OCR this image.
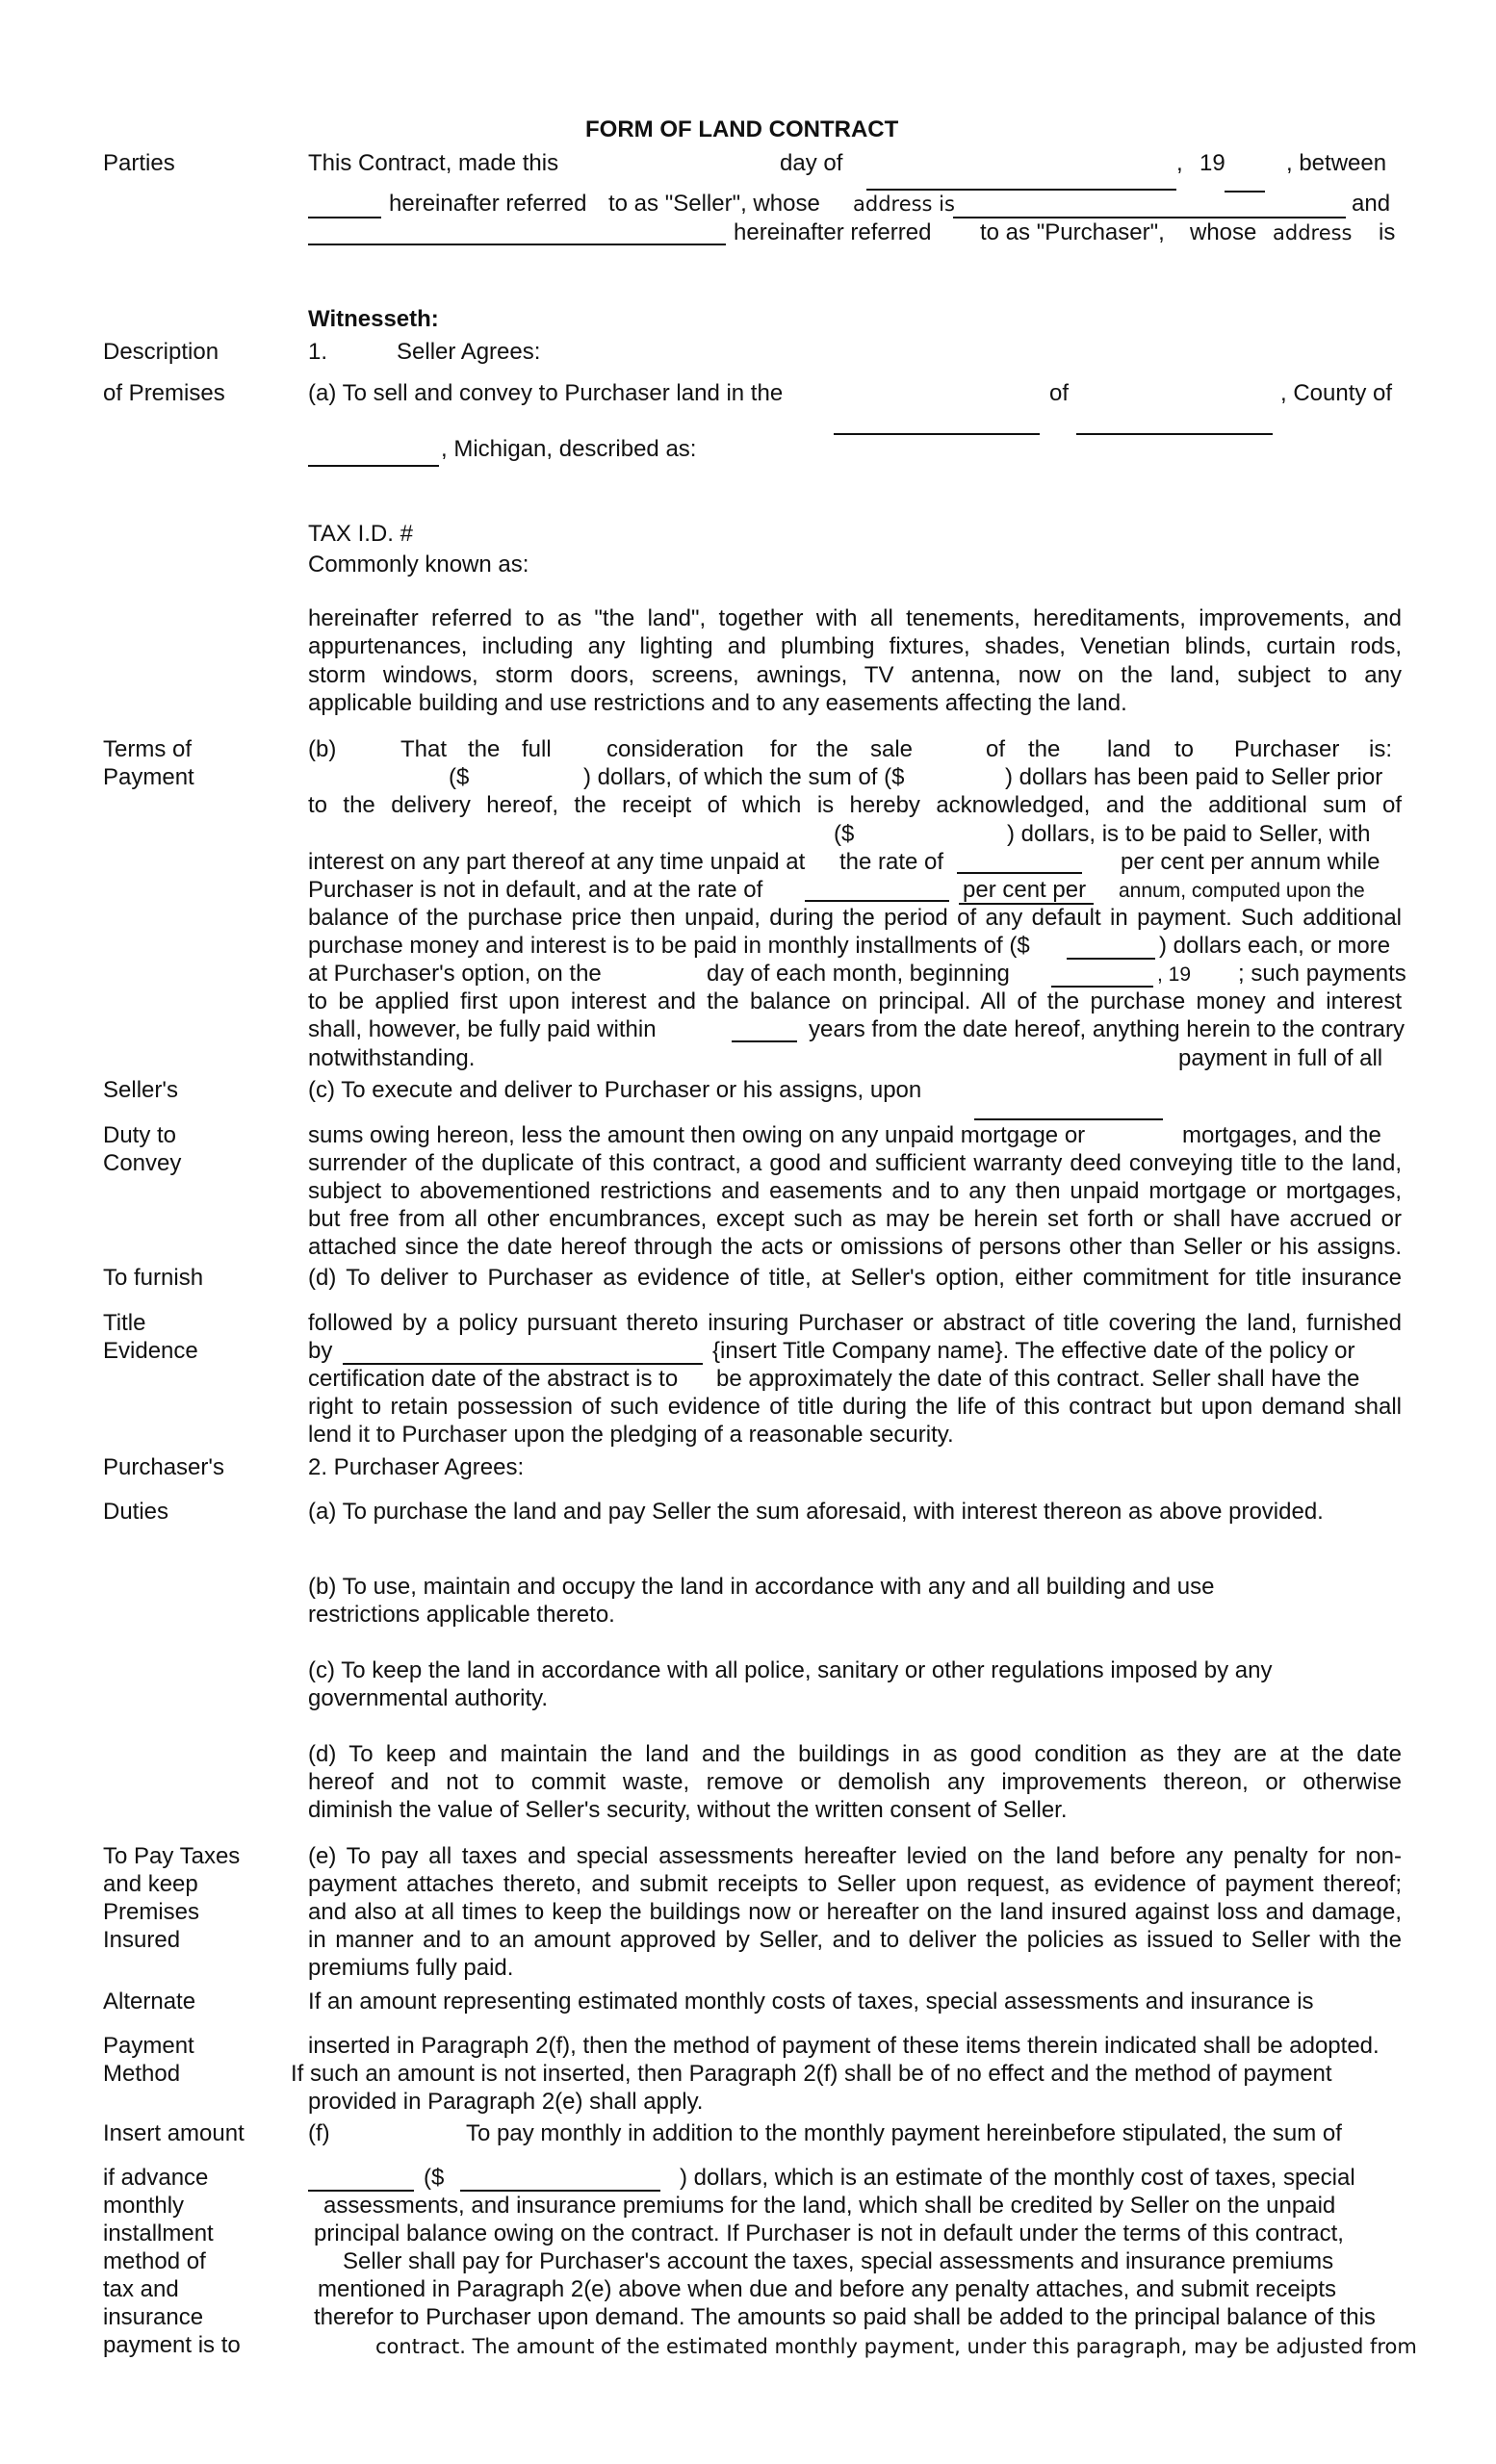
FORM OF LAND CONTRACT
Parties
Description
of Premises
Terms of
Payment
Seller's
Duty to
Convey
To furnish
Title
Evidence
Purchaser's
Duties
To Pay Taxes
and keep
Premises
Insured
Alternate
Payment
Method
Insert amount
if advance
monthly
installment
method of
tax and
insurance
payment is to
This Contract, made this	day of	, 19	, between
hereinafter referred to as "Seller", whose address is	and
hereinafter referred to as "Purchaser", whose address is
Witnesseth:
1.	Seller Agrees:
(a) To sell and convey to Purchaser land in the	of	, County of
, Michigan, described as:
TAX I.D. #
Commonly known as:
hereinafter referred to as "the land", together with all tenements, hereditaments, improvements, and
appurtenances, including any lighting and plumbing fixtures, shades, Venetian blinds, curtain rods,
storm windows, storm doors, screens, awnings, TV antenna, now on the land, subject to any
applicable building and use restrictions and to any easements affecting the land.
(b)	That the full consideration for the sale	of the land to Purchaser is:
($	) dollars, of which the sum of ($	) dollars has been paid to Seller prior
to the delivery hereof, the receipt of which is hereby acknowledged, and the additional sum of
($	) dollars, is to be paid to Seller, with
interest on any part thereof at any time unpaid at the rate of	per cent per annum while
Purchaser is not in default, and at the rate of	per cent per annum, computed upon the
balance of the purchase price then unpaid, during the period of any default in payment. Such additional
purchase money and interest is to be paid in monthly installments of ($	) dollars each, or more
at Purchaser's option, on the	day of each month, beginning	, 19 ; such payments
to be applied first upon interest and the balance on principal. All of the purchase money and interest
shall, however, be fully paid within	years from the date hereof, anything herein to the contrary
notwithstanding.	payment in full of all
(c) To execute and deliver to Purchaser or his assigns, upon
sums owing hereon, less the amount then owing on any unpaid mortgage or	mortgages, and the
surrender of the duplicate of this contract, a good and sufficient warranty deed conveying title to the land,
subject to abovementioned restrictions and easements and to any then unpaid mortgage or mortgages,
but free from all other encumbrances, except such as may be herein set forth or shall have accrued or
attached since the date hereof through the acts or omissions of persons other than Seller or his assigns.
(d) To deliver to Purchaser as evidence of title, at Seller's option, either commitment for title insurance
followed by a policy pursuant thereto insuring Purchaser or abstract of title covering the land, furnished
by	{insert Title Company name}. The effective date of the policy or
certification date of the abstract is to be approximately the date of this contract. Seller shall have the
right to retain possession of such evidence of title during the life of this contract but upon demand shall
lend it to Purchaser upon the pledging of a reasonable security.
2. Purchaser Agrees:
(a) To purchase the land and pay Seller the sum aforesaid, with interest thereon as above provided.
(b) To use, maintain and occupy the land in accordance with any and all building and use
restrictions applicable thereto.
(c) To keep the land in accordance with all police, sanitary or other regulations imposed by any
governmental authority.
(d) To keep and maintain the land and the buildings in as good condition as they are at the date
hereof and not to commit waste, remove or demolish any improvements thereon, or otherwise
diminish the value of Seller's security, without the written consent of Seller.
(e) To pay all taxes and special assessments hereafter levied on the land before any penalty for non-
payment attaches thereto, and submit receipts to Seller upon request, as evidence of payment thereof;
and also at all times to keep the buildings now or hereafter on the land insured against loss and damage,
in manner and to an amount approved by Seller, and to deliver the policies as issued to Seller with the
premiums fully paid.
If an amount representing estimated monthly costs of taxes, special assessments and insurance is
inserted in Paragraph 2(f), then the method of payment of these items therein indicated shall be adopted.
If such an amount is not inserted, then Paragraph 2(f) shall be of no effect and the method of payment
provided in Paragraph 2(e) shall apply.
(f)	To pay monthly in addition to the monthly payment hereinbefore stipulated, the sum of
($	) dollars, which is an estimate of the monthly cost of taxes, special
assessments, and insurance premiums for the land, which shall be credited by Seller on the unpaid
principal balance owing on the contract. If Purchaser is not in default under the terms of this contract,
Seller shall pay for Purchaser's account the taxes, special assessments and insurance premiums
mentioned in Paragraph 2(e) above when due and before any penalty attaches, and submit receipts
therefor to Purchaser upon demand. The amounts so paid shall be added to the principal balance of this
contract. The amount of the estimated monthly payment, under this paragraph, may be adjusted from
